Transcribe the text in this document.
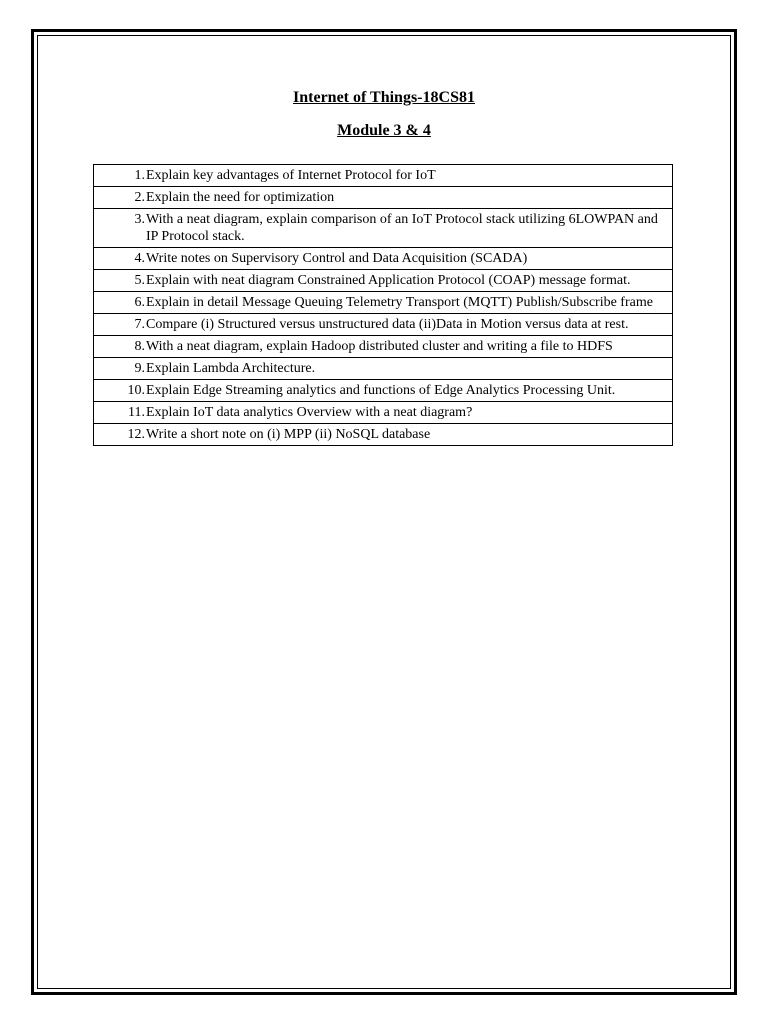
Internet of Things-18CS81
Module 3 & 4
1. Explain key advantages of Internet Protocol for IoT

2. Explain the need for optimization

3. With a neat diagram, explain comparison of an IoT Protocol stack utilizing 6LOWPAN and IP Protocol stack.

4. Write notes on Supervisory Control and Data Acquisition (SCADA)

5. Explain with neat diagram Constrained Application Protocol (COAP) message format.

6. Explain in detail Message Queuing Telemetry Transport (MQTT) Publish/Subscribe frame

7. Compare (i) Structured versus unstructured data (ii)Data in Motion versus data at rest.

8. With a neat diagram, explain Hadoop distributed cluster and writing a file to HDFS

9. Explain Lambda Architecture.

10. Explain Edge Streaming analytics and functions of Edge Analytics Processing Unit.

11. Explain IoT data analytics Overview with a neat diagram?

12. Write a short note on (i) MPP (ii) NoSQL database
